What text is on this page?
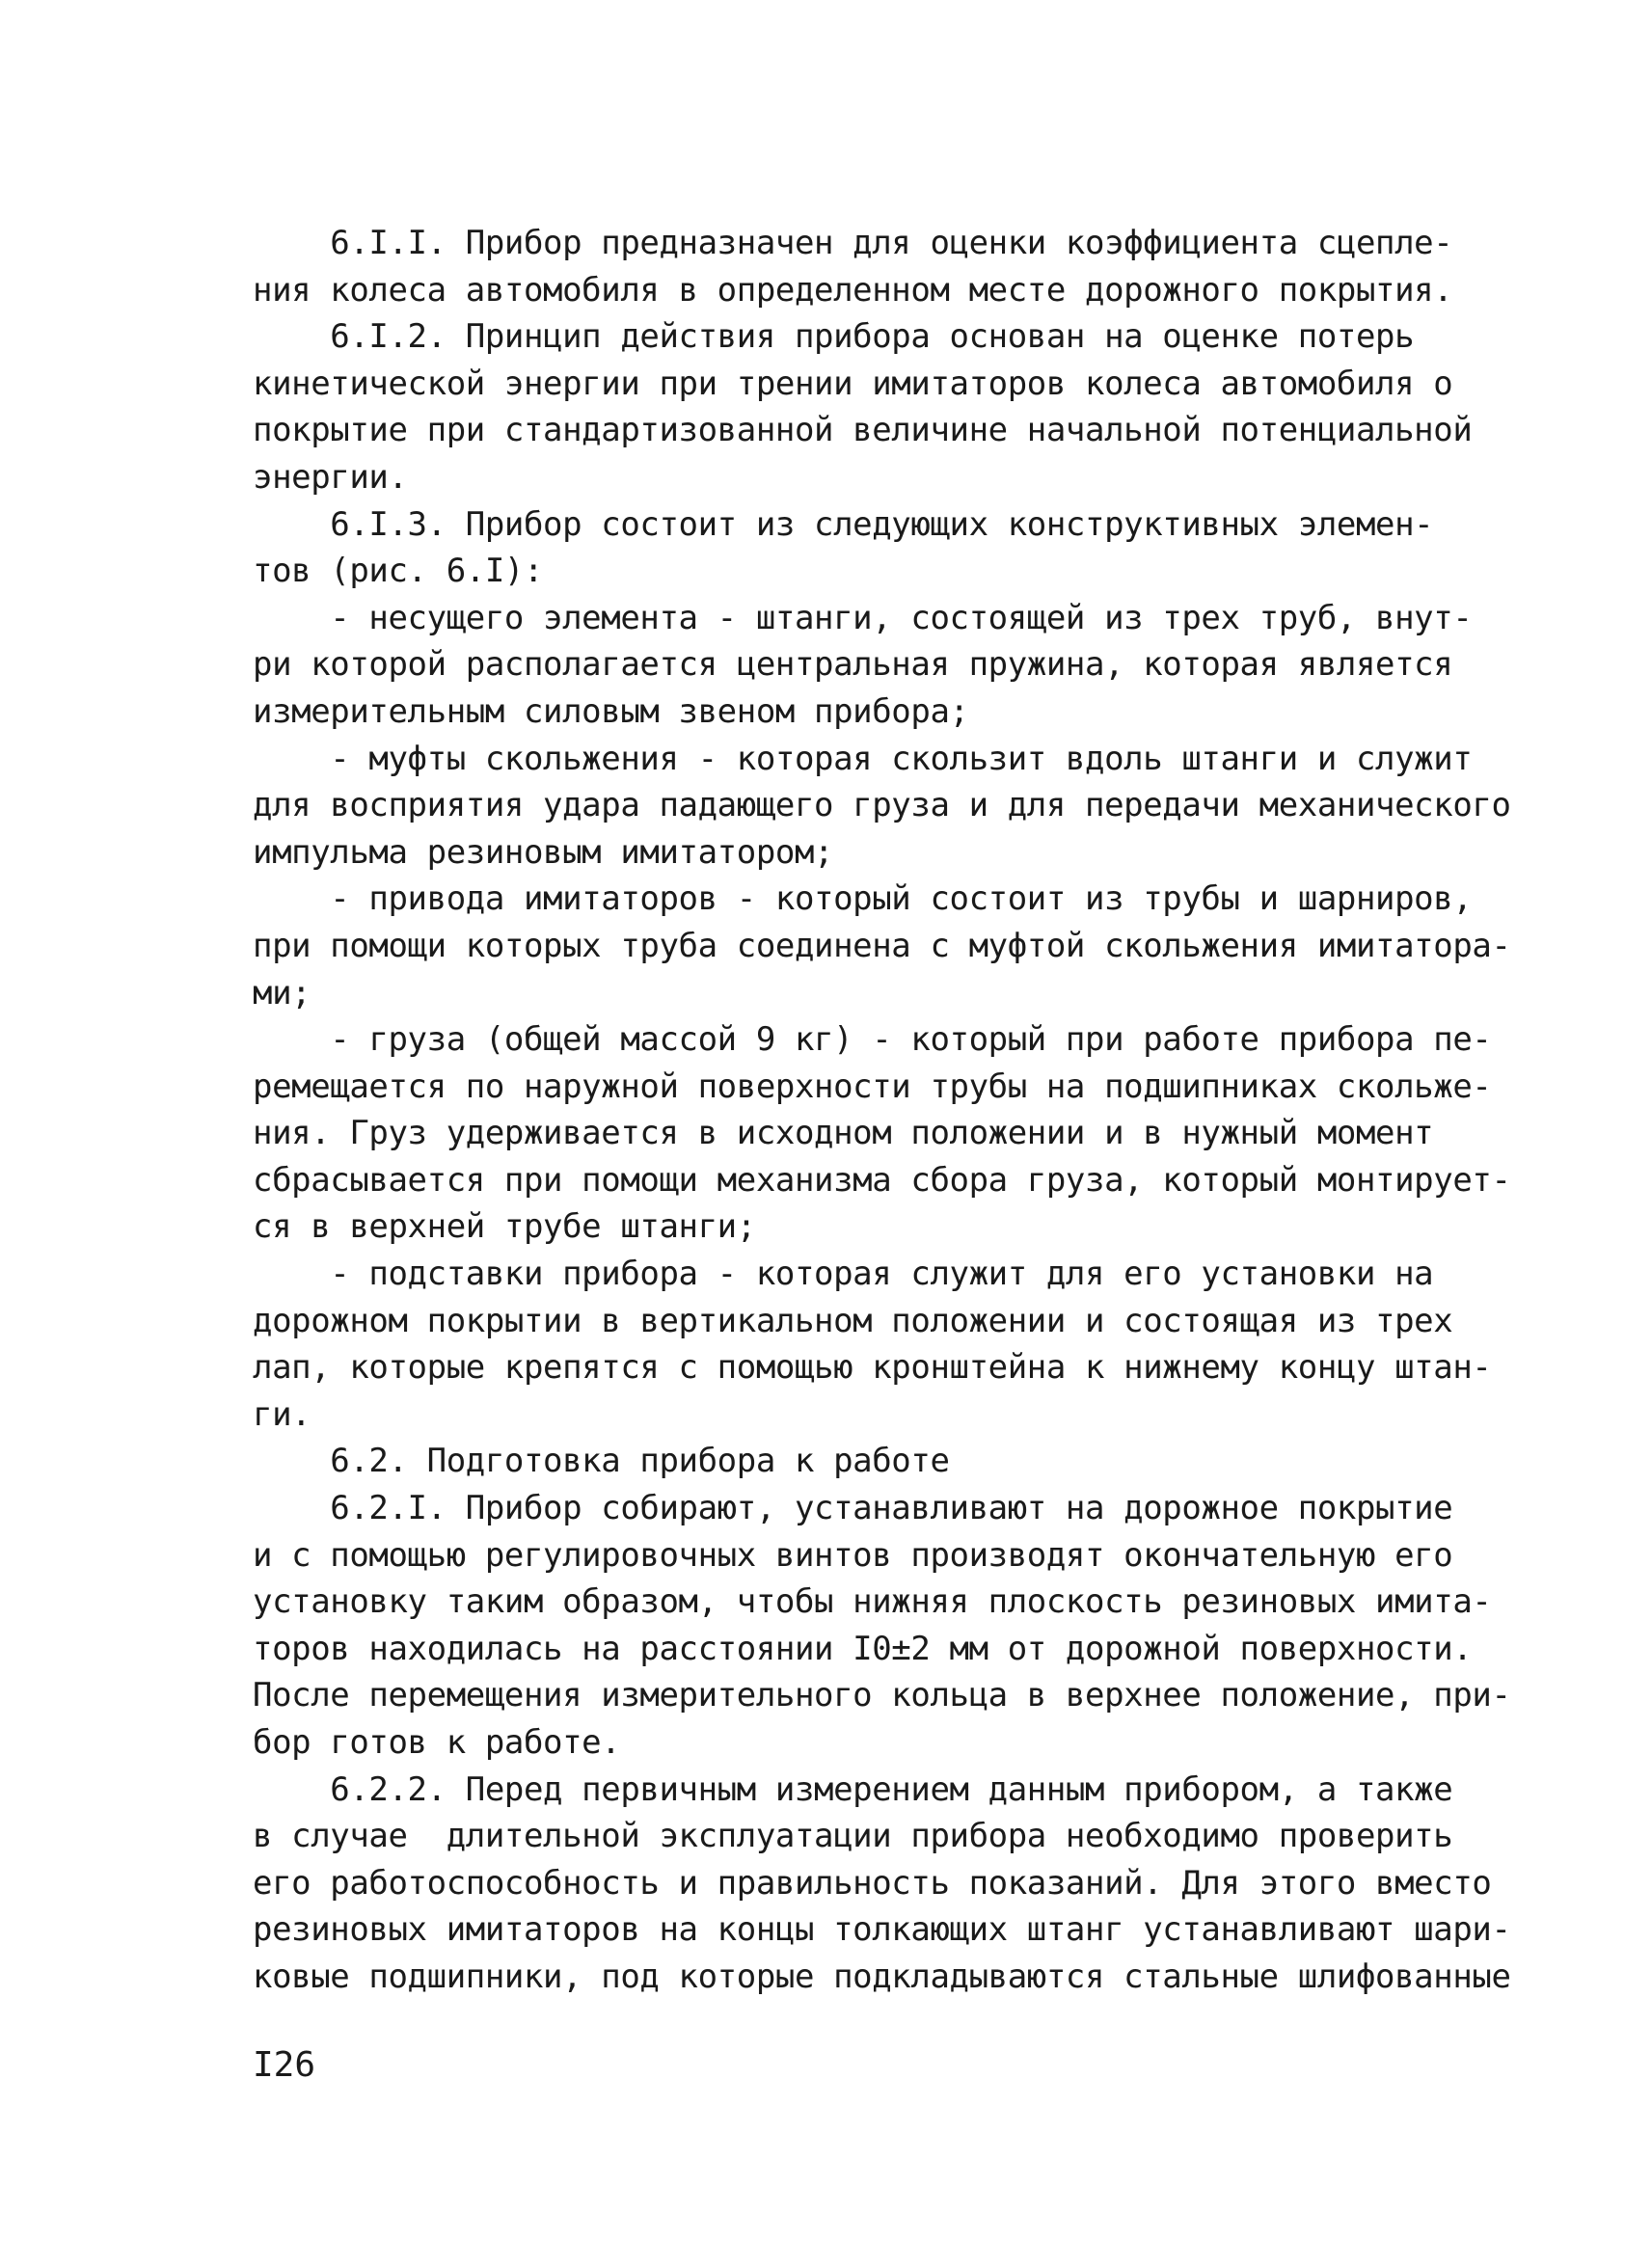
6.I.I. Прибор предназначен для оценки коэффициента сцепле-
ния колеса автомобиля в определенном месте дорожного покрытия.
6.I.2. Принцип действия прибора основан на оценке потерь
кинетической энергии при трении имитаторов колеса автомобиля о
покрытие при стандартизованной величине начальной потенциальной
энергии.
6.I.3. Прибор состоит из следующих конструктивных элемен-
тов (рис. 6.I):
- несущего элемента - штанги, состоящей из трех труб, внут-
ри которой располагается центральная пружина, которая является
измерительным силовым звеном прибора;
- муфты скольжения - которая скользит вдоль штанги и служит
для восприятия удара падающего груза и для передачи механического
импульма резиновым имитатором;
- привода имитаторов - который состоит из трубы и шарниров,
при помощи которых труба соединена с муфтой скольжения имитатора-
ми;
- груза (общей массой 9 кг) - который при работе прибора пе-
ремещается по наружной поверхности трубы на подшипниках скольже-
ния. Груз удерживается в исходном положении и в нужный момент
сбрасывается при помощи механизма сбора груза, который монтирует-
ся в верхней трубе штанги;
- подставки прибора - которая служит для его установки на
дорожном покрытии в вертикальном положении и состоящая из трех
лап, которые крепятся с помощью кронштейна к нижнему концу штан-
ги.
6.2. Подготовка прибора к работе
6.2.I. Прибор собирают, устанавливают на дорожное покрытие
и с помощью регулировочных винтов производят окончательную его
установку таким образом, чтобы нижняя плоскость резиновых имита-
торов находилась на расстоянии I0±2 мм от дорожной поверхности.
После перемещения измерительного кольца в верхнее положение, при-
бор готов к работе.
6.2.2. Перед первичным измерением данным прибором, а также
в случае  длительной эксплуатации прибора необходимо проверить
его работоспособность и правильность показаний. Для этого вместо
резиновых имитаторов на концы толкающих штанг устанавливают шари-
ковые подшипники, под которые подкладываются стальные шлифованные
I26
